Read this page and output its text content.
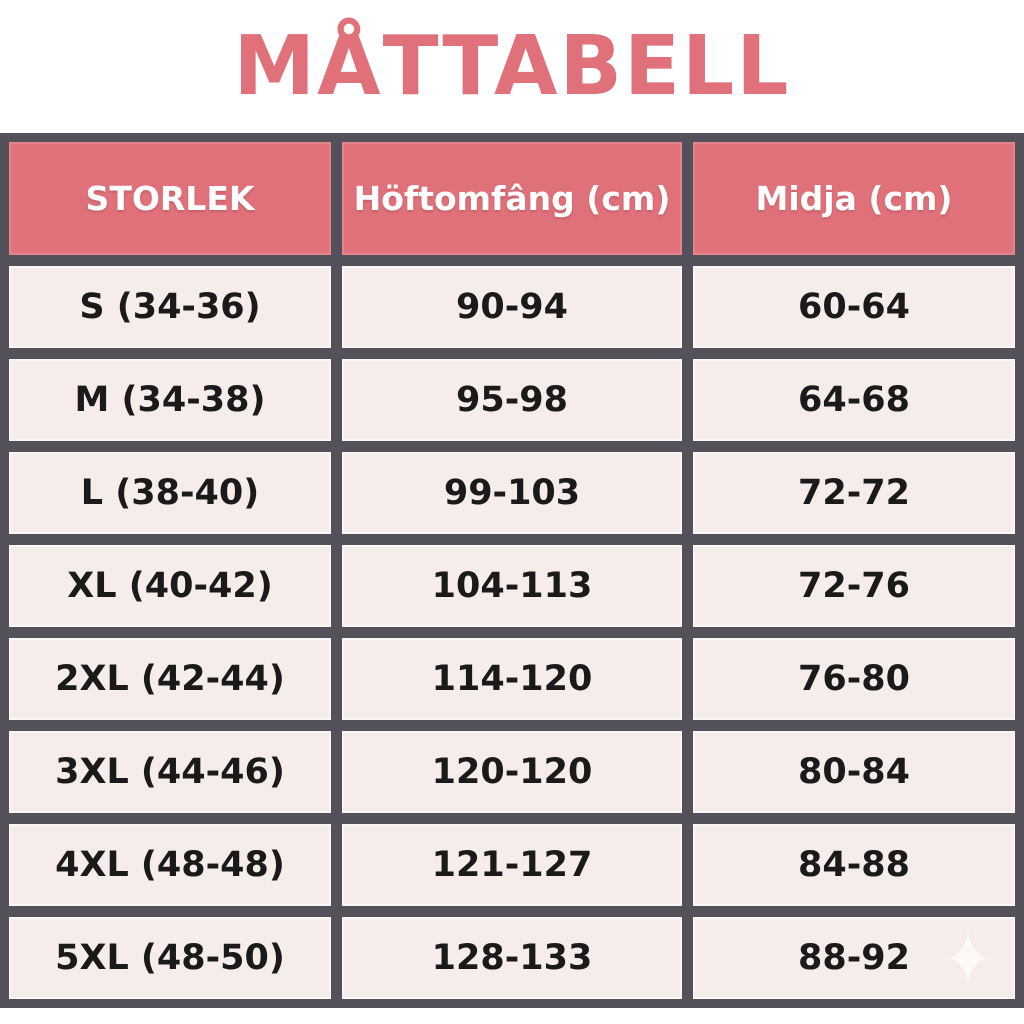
MÅTTABELL
STORLEK	Höftomfâng (cm)	Midja (cm)
S (34-36)	90-94	60-64
M (34-38)	95-98	64-68
L (38-40)	99-103	72-72
XL (40-42)	104-113	72-76
2XL (42-44)	114-120	76-80
3XL (44-46)	120-120	80-84
4XL (48-48)	121-127	84-88
5XL (48-50)	128-133	88-92
